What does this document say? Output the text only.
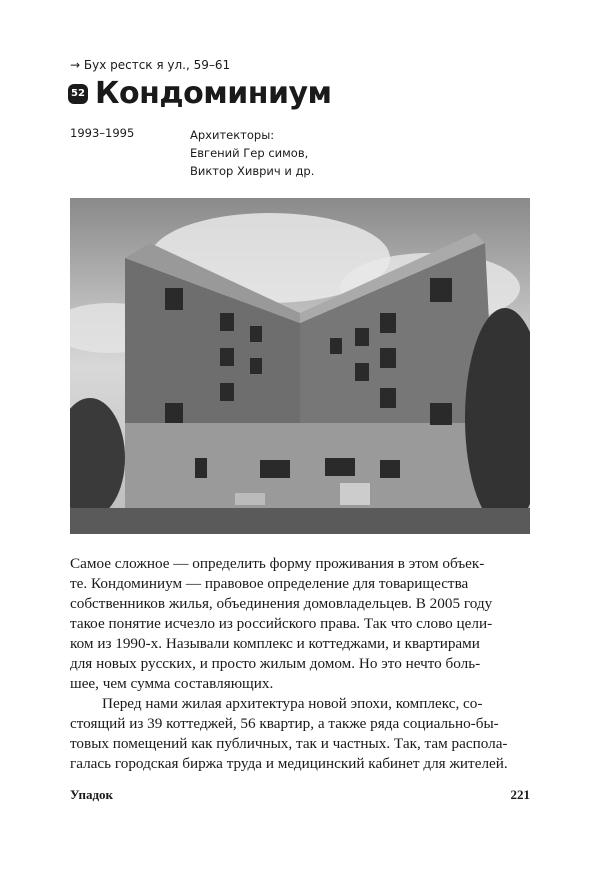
→ Бух рестск я ул., 59–61
52 Кондоминиум
1993–1995	Архитекторы:
Евгений Гер симов,
Виктор Хиврич и др.
Самое сложное — определить форму проживания в этом объек-
те. Кондоминиум — правовое определение для товарищества
собственников жилья, объединения домовладельцев. В 2005 году
такое понятие исчезло из российского права. Так что слово цели-
ком из 1990-х. Называли комплекс и коттеджами, и квартирами
для новых русских, и просто жилым домом. Но это нечто боль-
шее, чем сумма составляющих.
Перед нами жилая архитектура новой эпохи, комплекс, со-
стоящий из 39 коттеджей, 56 квартир, а также ряда социально-бы-
товых помещений как публичных, так и частных. Так, там распола-
галась городская биржа труда и медицинский кабинет для жителей.
Упадок	221
